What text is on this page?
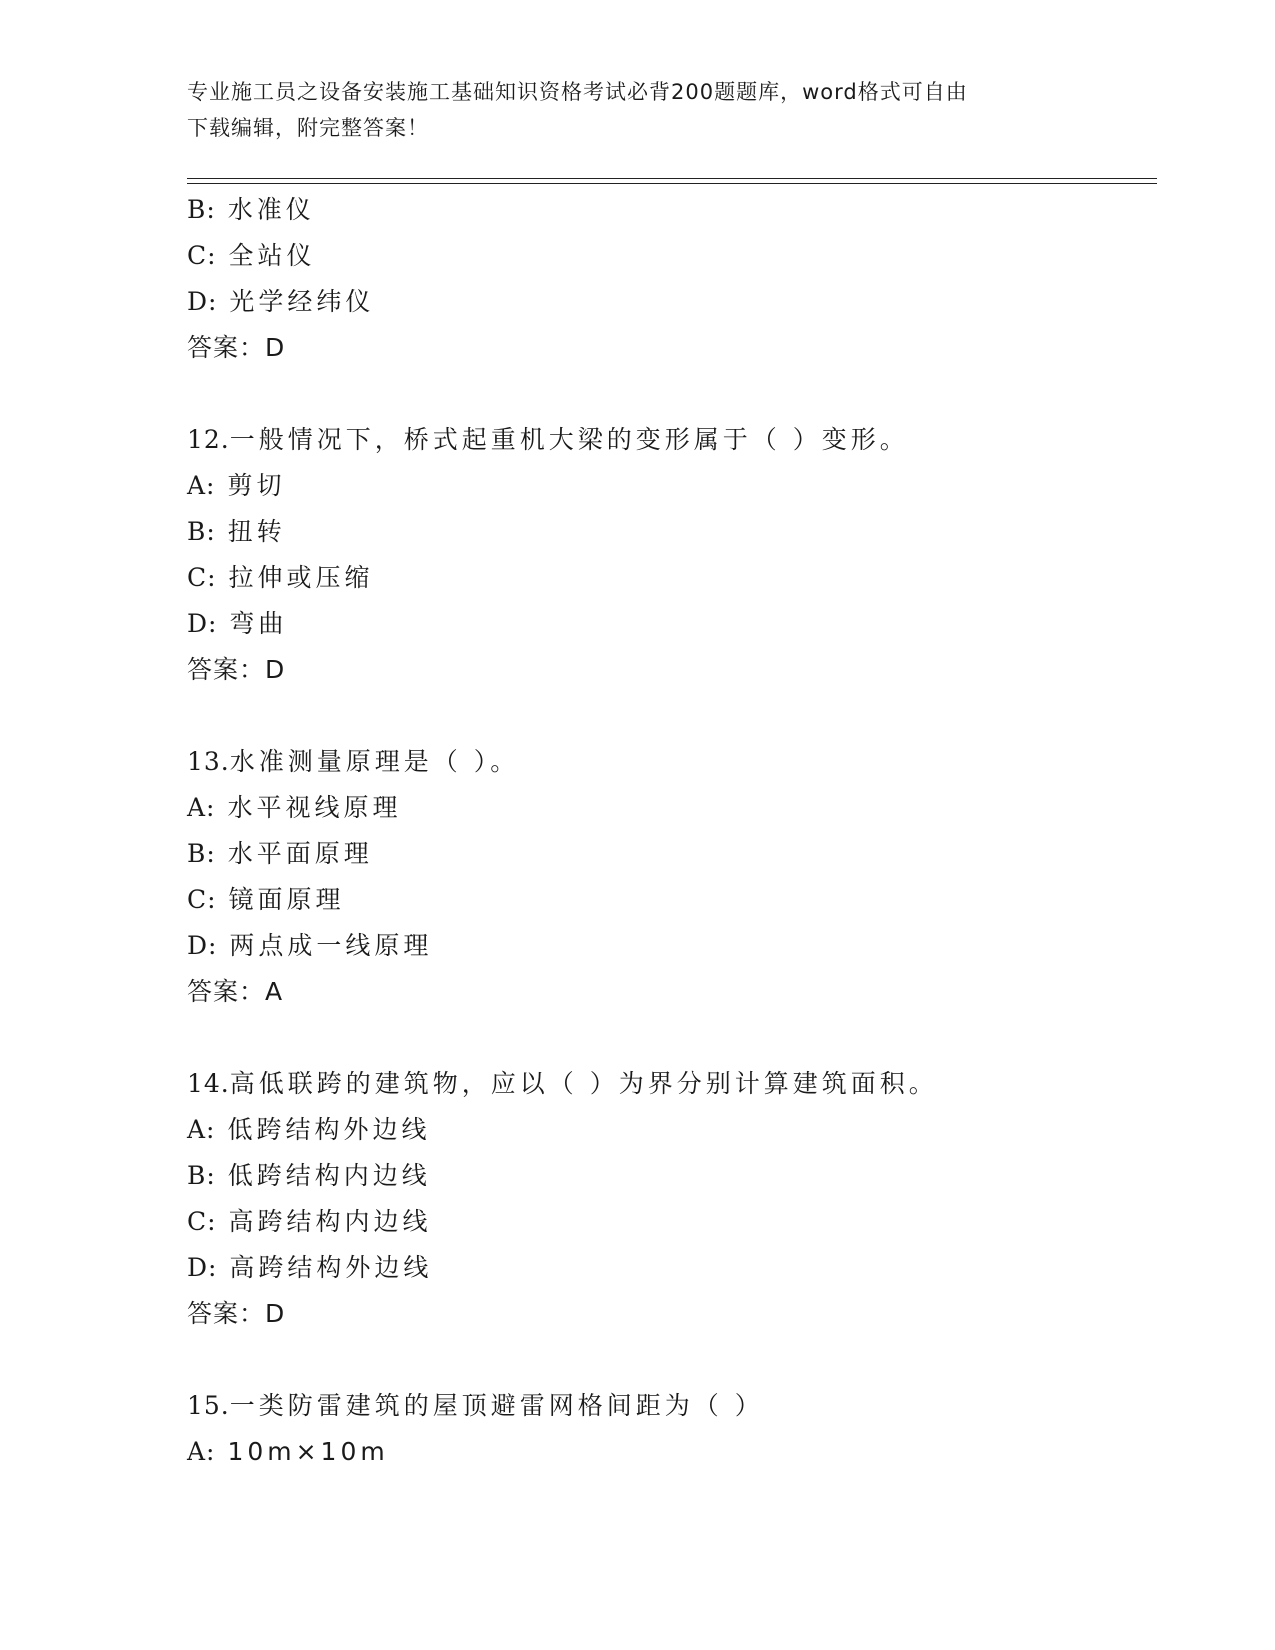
专业施工员之设备安装施工基础知识资格考试必背200题题库，word格式可自由
下载编辑，附完整答案！
B: 水准仪
C: 全站仪
D: 光学经纬仪
答案：D
12.一般情况下，桥式起重机大梁的变形属于（ ）变形。
A: 剪切
B: 扭转
C: 拉伸或压缩
D: 弯曲
答案：D
13.水准测量原理是（ ）。
A: 水平视线原理
B: 水平面原理
C: 镜面原理
D: 两点成一线原理
答案：A
14.高低联跨的建筑物，应以（ ）为界分别计算建筑面积。
A: 低跨结构外边线
B: 低跨结构内边线
C: 高跨结构内边线
D: 高跨结构外边线
答案：D
15.一类防雷建筑的屋顶避雷网格间距为（ ）
A: 10m×10m
